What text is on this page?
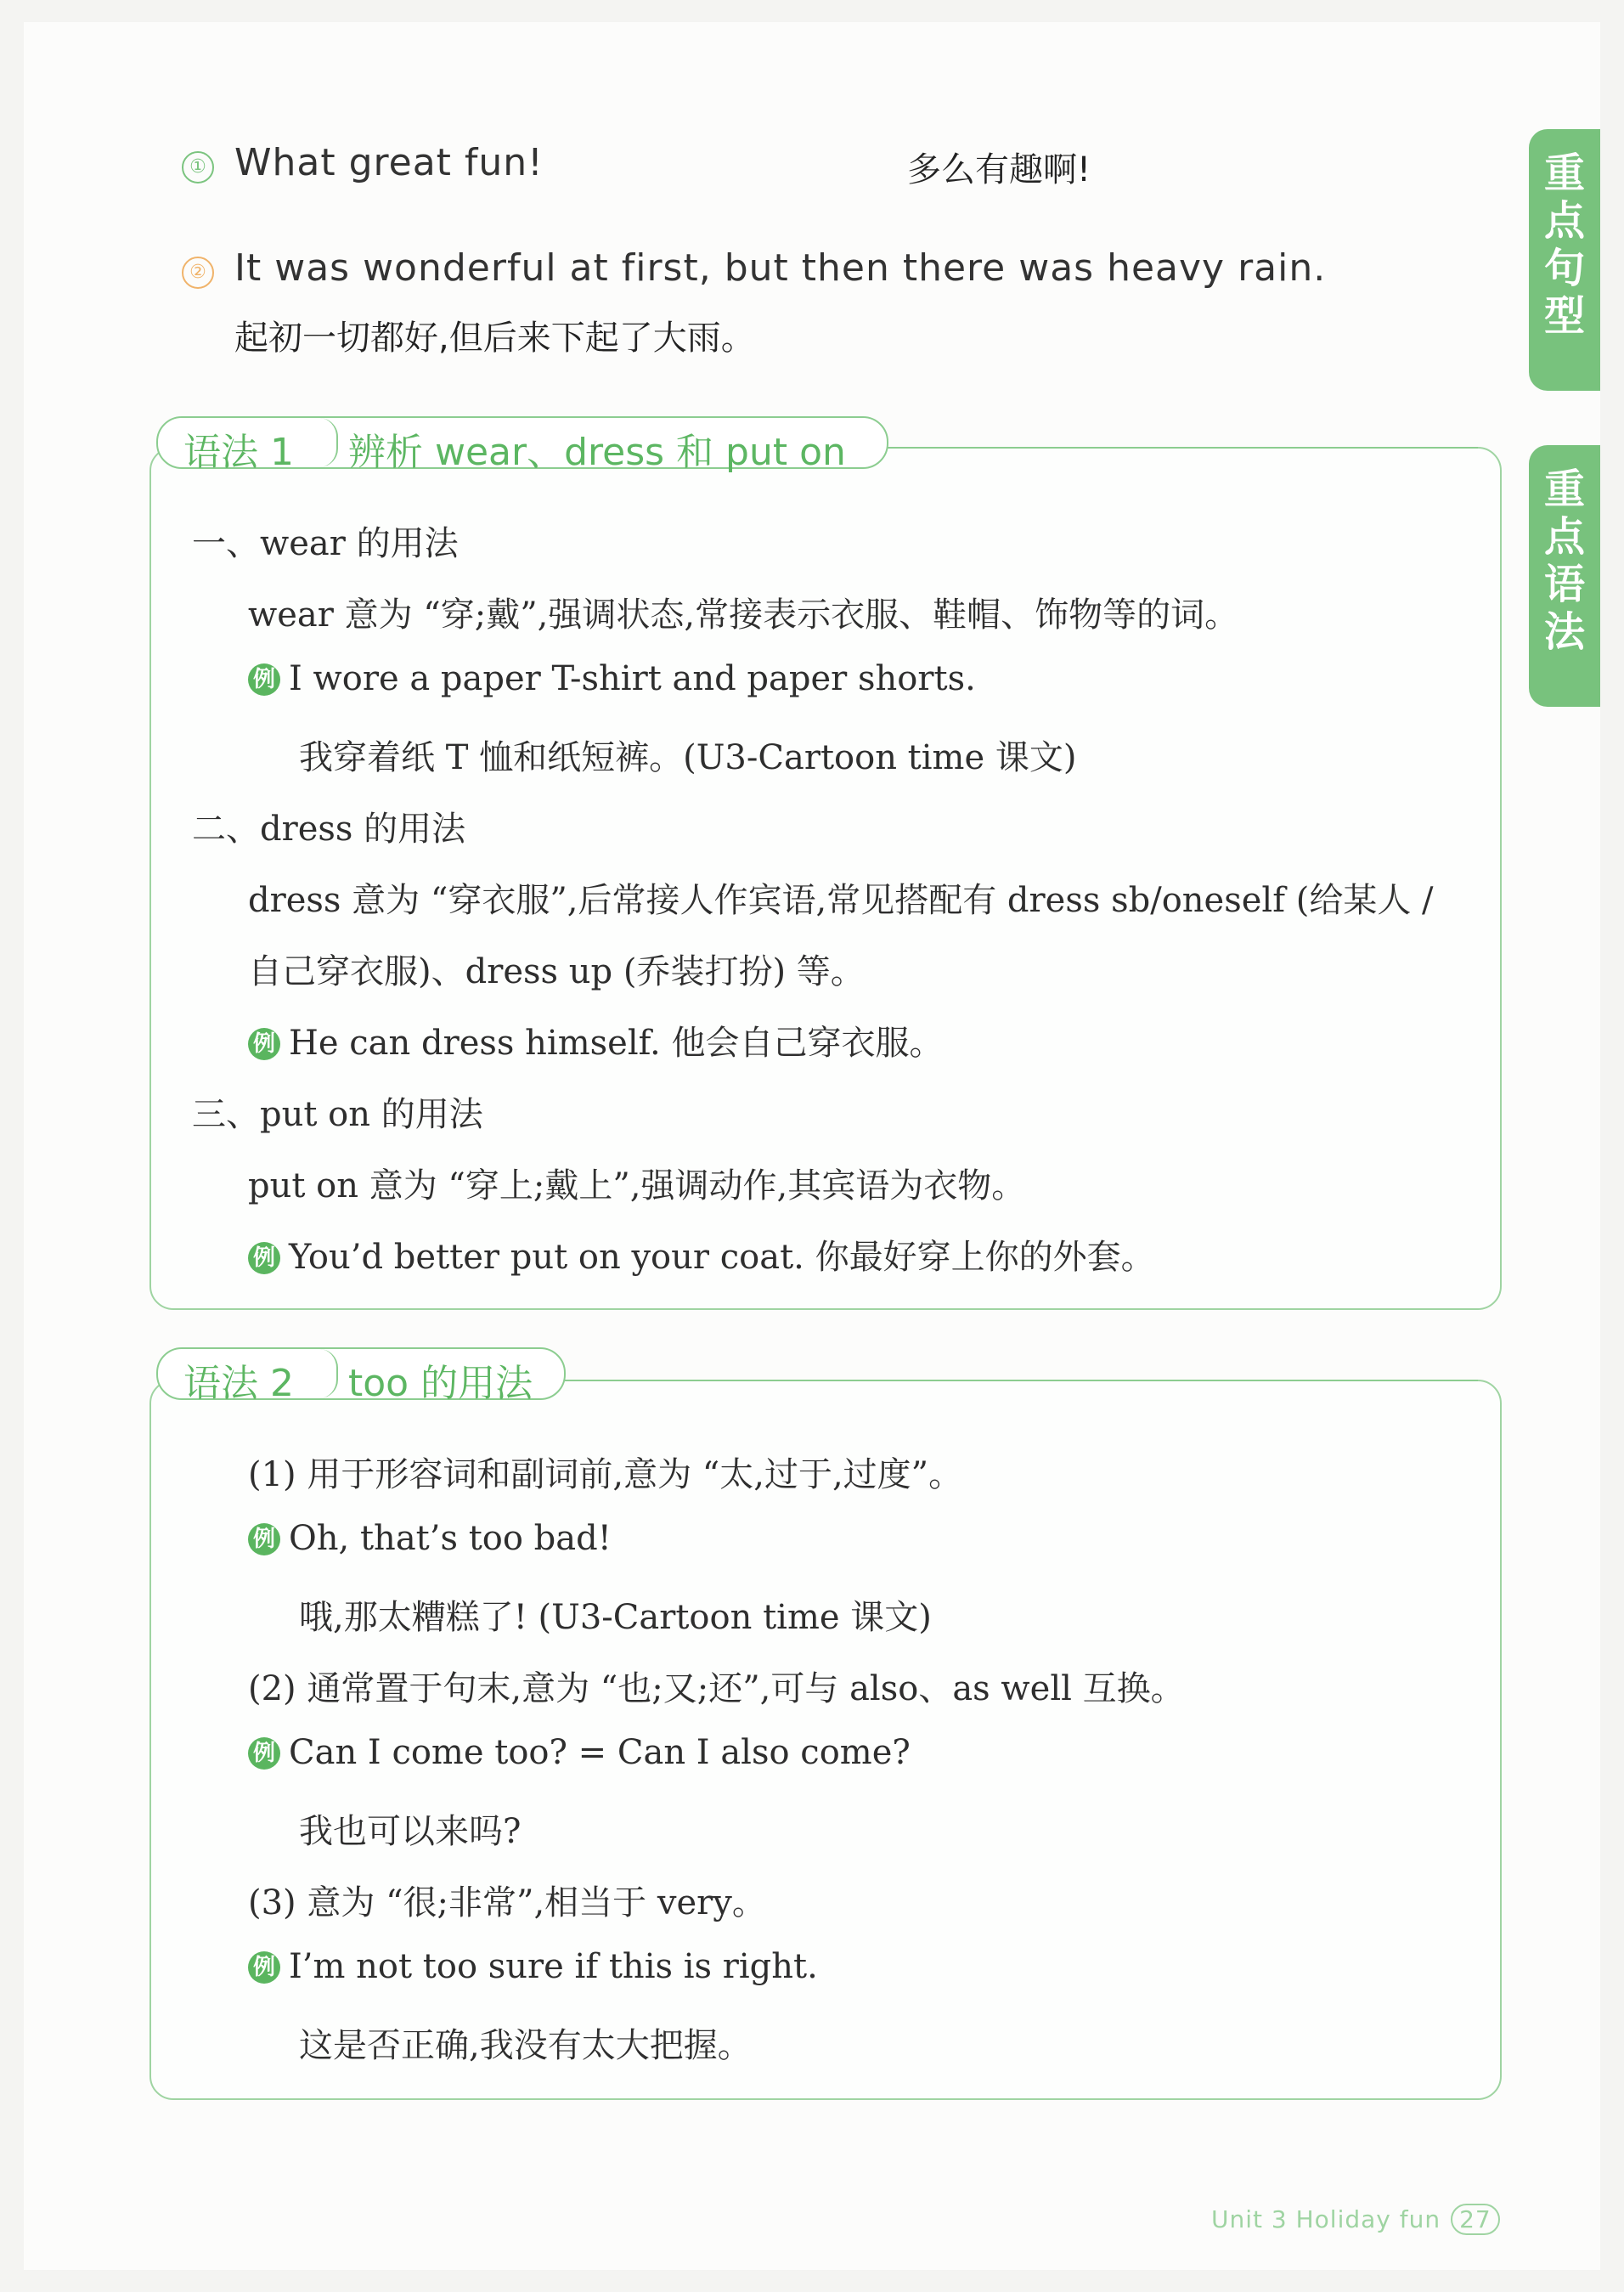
① What great fun!	多么有趣啊!
② It was wonderful at first, but then there was heavy rain.
起初一切都好,但后来下起了大雨。
重点句型
重点语法
语法 1 辨析 wear、dress 和 put on
一、wear 的用法
wear 意为 “穿;戴”,强调状态,常接表示衣服、鞋帽、饰物等的词。
例 I wore a paper T-shirt and paper shorts.
我穿着纸 T 恤和纸短裤。(U3-Cartoon time 课文)
二、dress 的用法
dress 意为 “穿衣服”,后常接人作宾语,常见搭配有 dress sb/oneself (给某人 /
自己穿衣服)、dress up (乔装打扮) 等。
例 He can dress himself. 他会自己穿衣服。
三、put on 的用法
put on 意为 “穿上;戴上”,强调动作,其宾语为衣物。
例 You’d better put on your coat. 你最好穿上你的外套。
语法 2 too 的用法
(1) 用于形容词和副词前,意为 “太,过于,过度”。
例 Oh, that’s too bad!
哦,那太糟糕了! (U3-Cartoon time 课文)
(2) 通常置于句末,意为 “也;又;还”,可与 also、as well 互换。
例 Can I come too? = Can I also come?
我也可以来吗?
(3) 意为 “很;非常”,相当于 very。
例 I’m not too sure if this is right.
这是否正确,我没有太大把握。
Unit 3 Holiday fun 27
